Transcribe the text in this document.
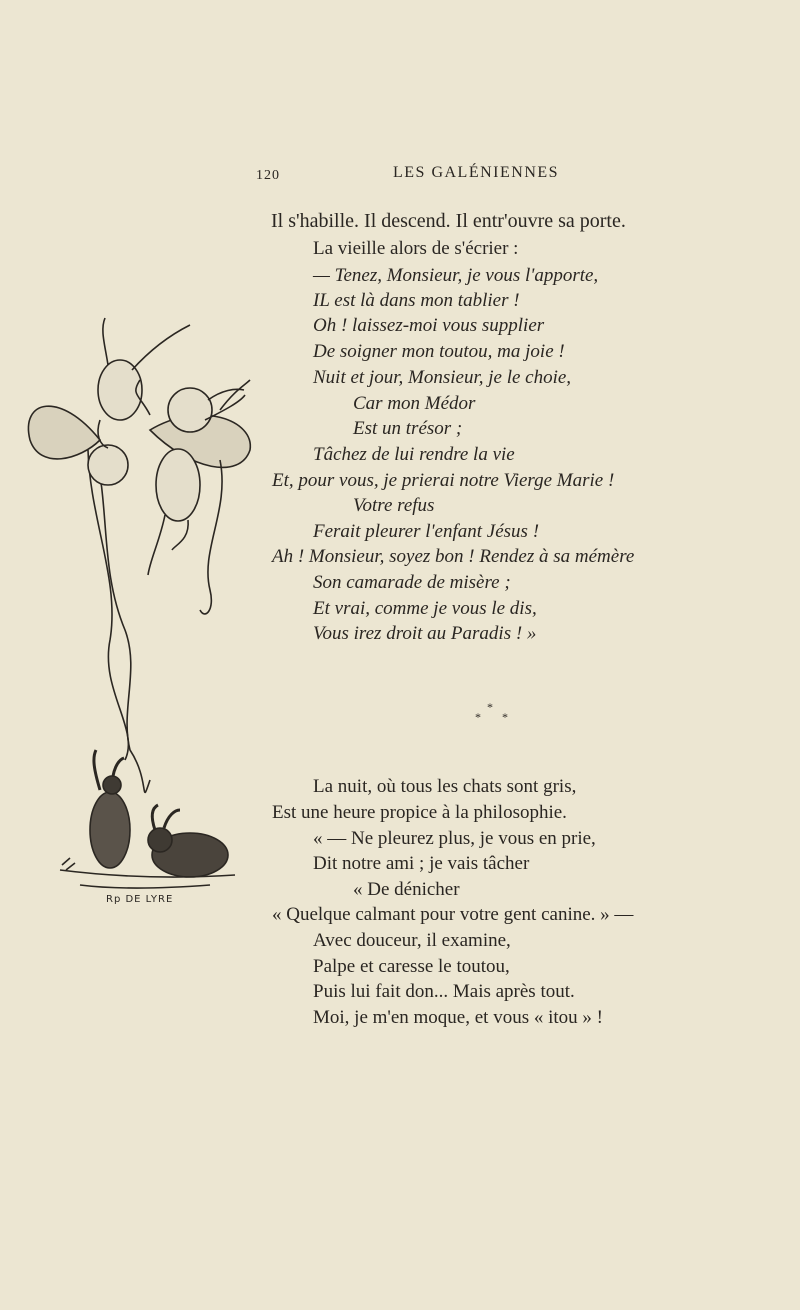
120	LES GALÉNIENNES
Il s'habille. Il descend. Il entr'ouvre sa porte.
La vieille alors de s'écrier :
— Tenez, Monsieur, je vous l'apporte,
IL est là dans mon tablier !
Oh ! laissez-moi vous supplier
De soigner mon toutou, ma joie !
Nuit et jour, Monsieur, je le choie,
Car mon Médor
Est un trésor ;
Tâchez de lui rendre la vie
Et, pour vous, je prierai notre Vierge Marie !
Votre refus
Ferait pleurer l'enfant Jésus !
Ah ! Monsieur, soyez bon ! Rendez à sa mémère
Son camarade de misère ;
Et vrai, comme je vous le dis,
Vous irez droit au Paradis ! »
*
* *
La nuit, où tous les chats sont gris,
Est une heure propice à la philosophie.
« — Ne pleurez plus, je vous en prie,
Dit notre ami ; je vais tâcher
« De dénicher
« Quelque calmant pour votre gent canine. » —
Avec douceur, il examine,
Palpe et caresse le toutou,
Puis lui fait don... Mais après tout.
Moi, je m'en moque, et vous « itou » !
Rp DE LYRE
